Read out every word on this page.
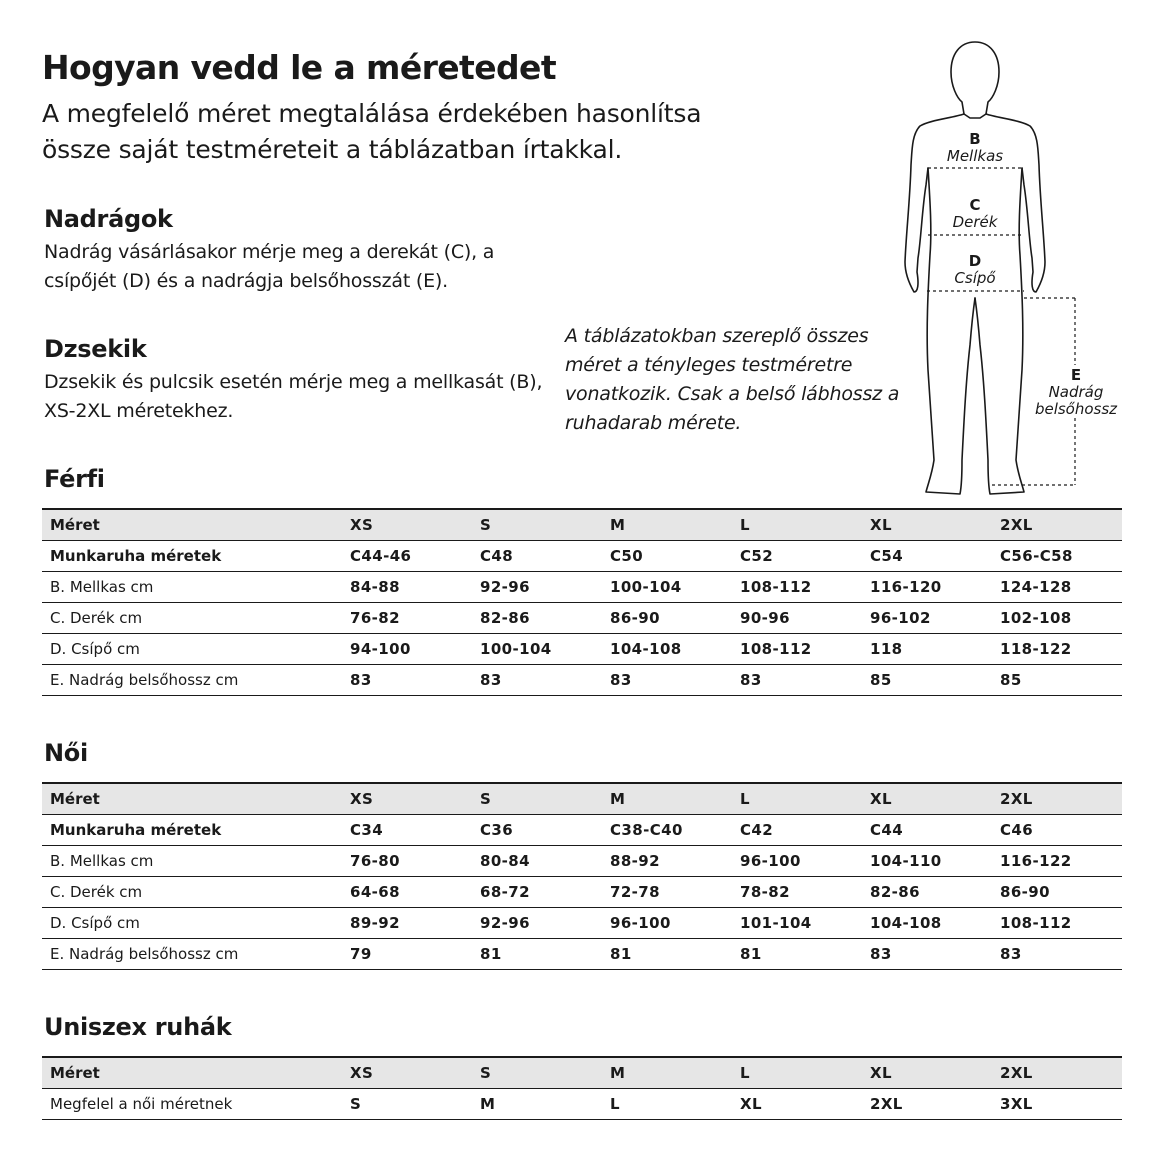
Hogyan vedd le a méretedet

A megfelelő méret megtalálása érdekében hasonlítsa össze saját testméreteit a táblázatban írtakkal.

Nadrágok
Nadrág vásárlásakor mérje meg a derekát (C), a csípőjét (D) és a nadrágja belsőhosszát (E).
Dzsekik
Dzsekik és pulcsik esetén mérje meg a mellkasát (B), XS-2XL méretekhez.
A táblázatokban szereplő összes méret a tényleges testméretre vonatkozik. Csak a belső lábhossz a ruhadarab mérete.
B
Mellkas
C
Derék
D
Csípő
E
Nadrág
belsőhossz
Férfi
Méret	XS	S	M	L	XL	2XL
Munkaruha méretek	C44-46	C48	C50	C52	C54	C56-C58
B. Mellkas cm	84-88	92-96	100-104	108-112	116-120	124-128
C. Derék cm	76-82	82-86	86-90	90-96	96-102	102-108
D. Csípő cm	94-100	100-104	104-108	108-112	118	118-122
E. Nadrág belsőhossz cm	83	83	83	83	85	85
Női
Méret	XS	S	M	L	XL	2XL
Munkaruha méretek	C34	C36	C38-C40	C42	C44	C46
B. Mellkas cm	76-80	80-84	88-92	96-100	104-110	116-122
C. Derék cm	64-68	68-72	72-78	78-82	82-86	86-90
D. Csípő cm	89-92	92-96	96-100	101-104	104-108	108-112
E. Nadrág belsőhossz cm	79	81	81	81	83	83
Uniszex ruhák
Méret	XS	S	M	L	XL	2XL
Megfelel a női méretnek	S	M	L	XL	2XL	3XL
